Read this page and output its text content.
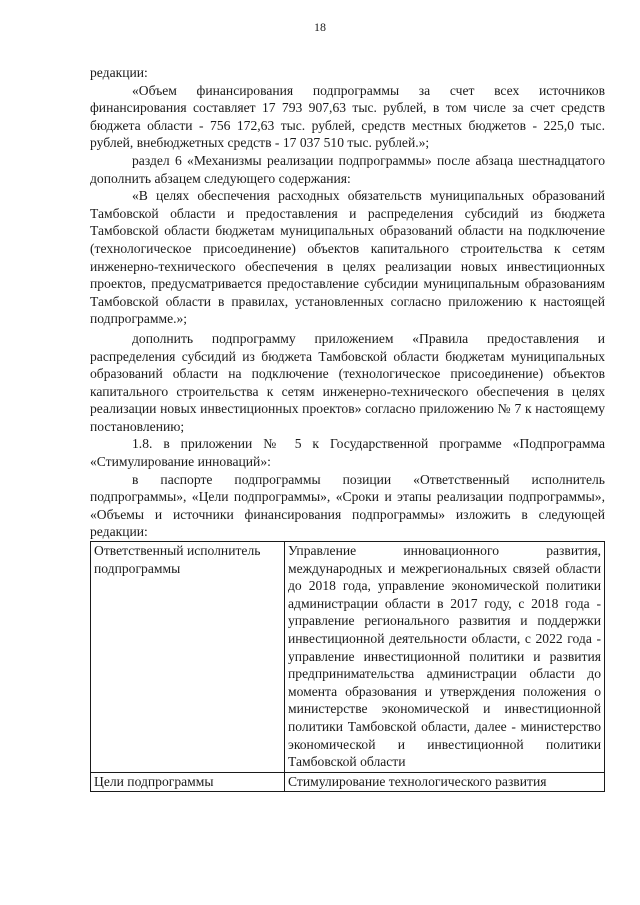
18

редакции:

«Объем финансирования подпрограммы за счет всех источников финансирования составляет 17 793 907,63 тыс. рублей, в том числе за счет средств бюджета области - 756 172,63 тыс. рублей, средств местных бюджетов - 225,0 тыс. рублей, внебюджетных средств - 17 037 510 тыс. рублей.»;

раздел 6 «Механизмы реализации подпрограммы» после абзаца шестнадцатого дополнить абзацем следующего содержания:

«В целях обеспечения расходных обязательств муниципальных образований Тамбовской области и предоставления и распределения субсидий из бюджета Тамбовской области бюджетам муниципальных образований области на подключение (технологическое присоединение) объектов капитального строительства к сетям инженерно-технического обеспечения в целях реализации новых инвестиционных проектов, предусматривается предоставление субсидии муниципальным образованиям Тамбовской области в правилах, установленных согласно приложению к настоящей подпрограмме.»;

дополнить подпрограмму приложением «Правила предоставления и распределения субсидий из бюджета Тамбовской области бюджетам муниципальных образований области на подключение (технологическое присоединение) объектов капитального строительства к сетям инженерно-технического обеспечения в целях реализации новых инвестиционных проектов» согласно приложению № 7 к настоящему постановлению;

1.8. в приложении № 5 к Государственной программе «Подпрограмма «Стимулирование инноваций»:

в паспорте подпрограммы позиции «Ответственный исполнитель подпрограммы», «Цели подпрограммы», «Сроки и этапы реализации подпрограммы», «Объемы и источники финансирования подпрограммы» изложить в следующей редакции:

Ответственный исполнитель подпрограммы	Управление инновационного развития, международных и межрегиональных связей области до 2018 года, управление экономической политики администрации области в 2017 году, с 2018 года - управление регионального развития и поддержки инвестиционной деятельности области, с 2022 года - управление инвестиционной политики и развития предпринимательства администрации области до момента образования и утверждения положения о министерстве экономической и инвестиционной политики Тамбовской области, далее - министерство экономической и инвестиционной политики Тамбовской области

Цели подпрограммы	Стимулирование технологического развития
